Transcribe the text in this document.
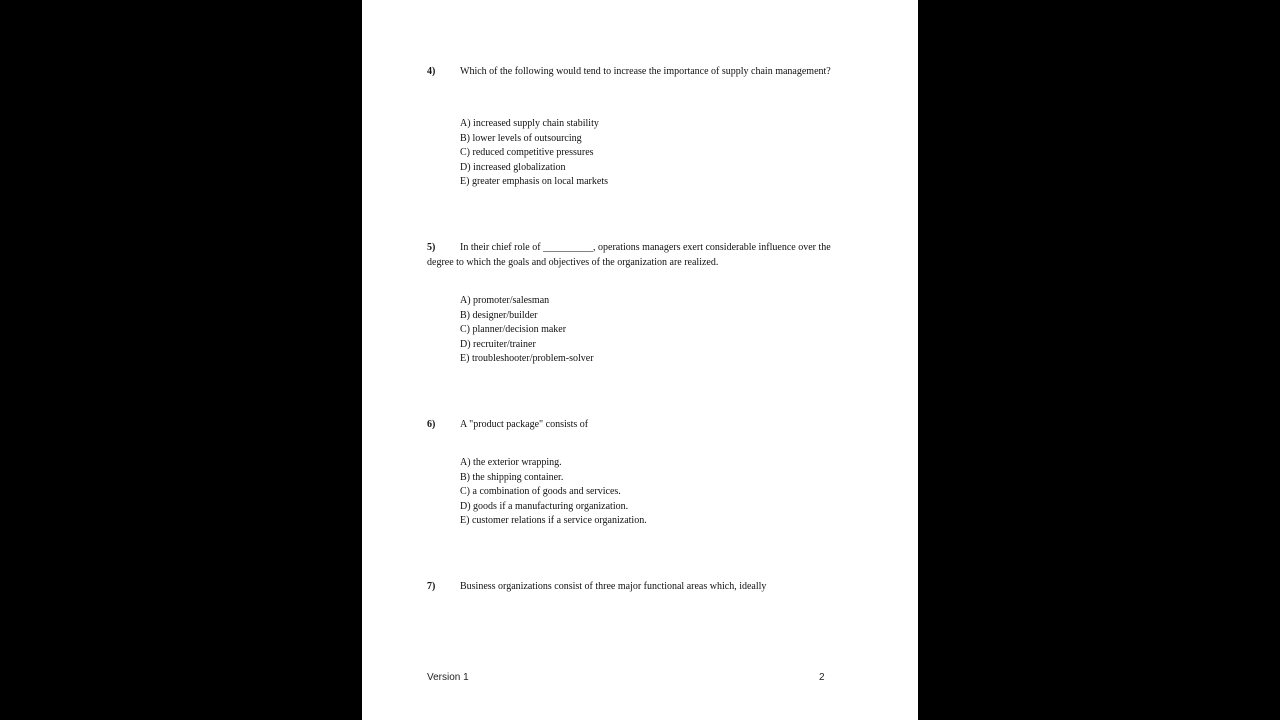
4)	Which of the following would tend to increase the importance of supply chain management?
A) increased supply chain stability
B) lower levels of outsourcing
C) reduced competitive pressures
D) increased globalization
E) greater emphasis on local markets
5)	In their chief role of __________, operations managers exert considerable influence over the degree to which the goals and objectives of the organization are realized.
A) promoter/salesman
B) designer/builder
C) planner/decision maker
D) recruiter/trainer
E) troubleshooter/problem-solver
6)	A "product package" consists of
A) the exterior wrapping.
B) the shipping container.
C) a combination of goods and services.
D) goods if a manufacturing organization.
E) customer relations if a service organization.
7)	Business organizations consist of three major functional areas which, ideally
Version 1	2
